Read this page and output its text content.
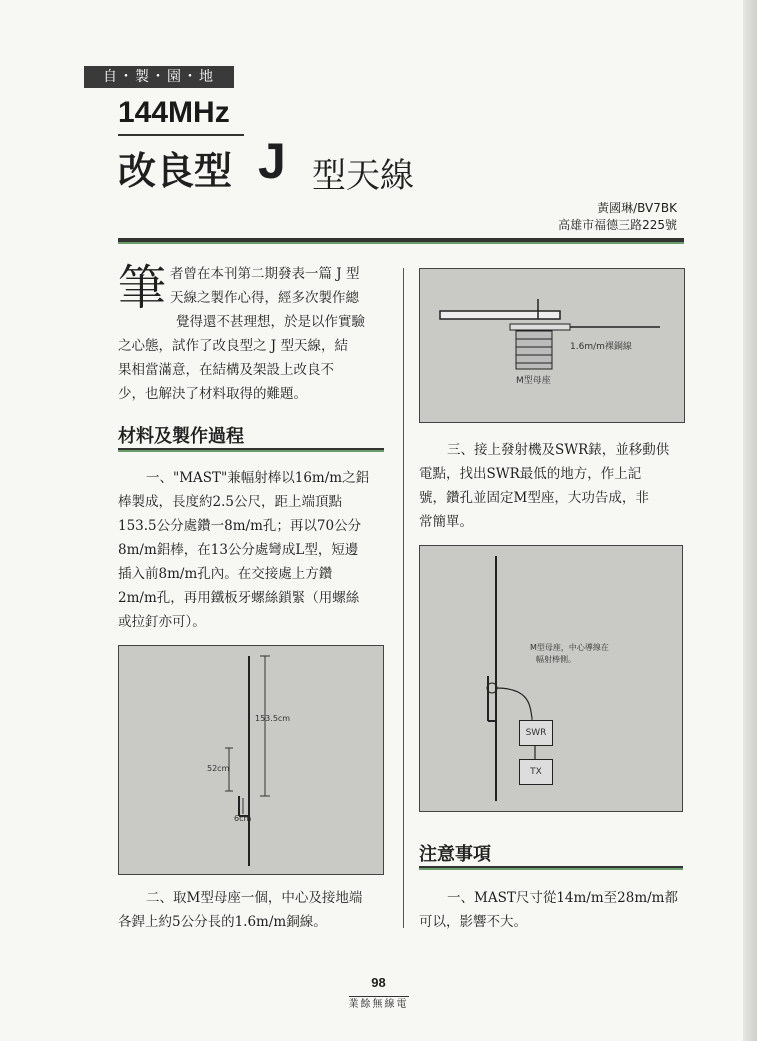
自・製・園・地
144MHz
改良型 J 型天線
黃國琳/BV7BK
高雄市福德三路225號
筆 者曾在本刊第二期發表一篇 J 型
天線之製作心得，經多次製作總
覺得還不甚理想，於是以作實驗
之心態，試作了改良型之 J 型天線，結
果相當滿意，在結構及架設上改良不
少，也解決了材料取得的難題。
材料及製作過程
一、"MAST"兼幅射棒以16m/m之鋁
棒製成，長度約2.5公尺，距上端頂點
153.5公分處鑽一8m/m孔；再以70公分
8m/m鋁棒，在13公分處彎成L型，短邊
插入前8m/m孔內。在交接處上方鑽
2m/m孔，再用鐵板牙螺絲鎖緊（用螺絲
或拉釘亦可）。
153.5cm
52cm
6cm
二、取M型母座一個，中心及接地端
各銲上約5公分長的1.6m/m銅線。
1.6m/m裸銅線
M型母座
三、接上發射機及SWR錶，並移動供
電點，找出SWR最低的地方，作上記
號，鑽孔並固定M型座，大功告成，非
常簡單。
M型母座，中心導線在
幅射棒側。
SWR
TX
注意事項
一、MAST尺寸從14m/m至28m/m都
可以，影響不大。
98
業餘無線電
